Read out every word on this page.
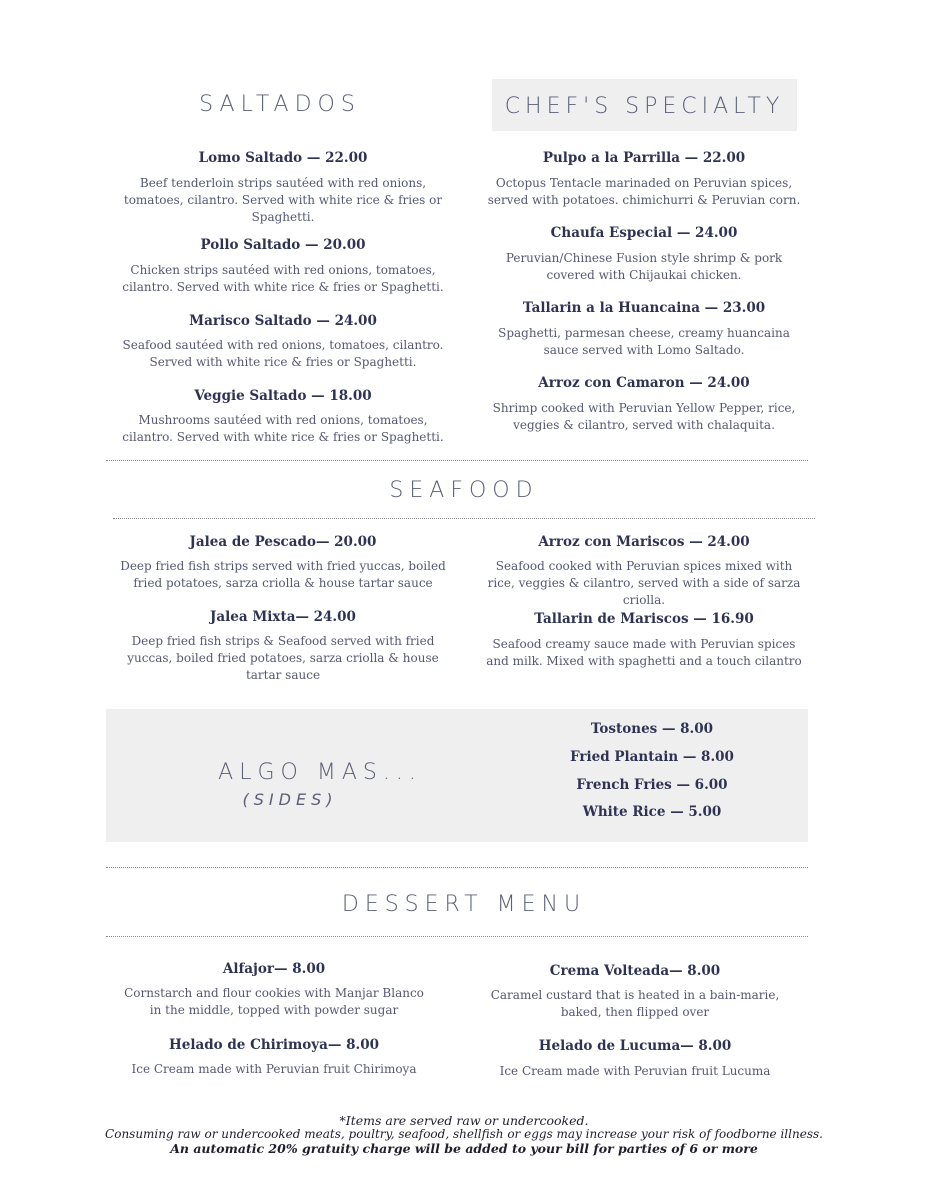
SALTADOS
Lomo Saltado — 22.00
Beef tenderloin strips sautéed with red onions, tomatoes, cilantro. Served with white rice & fries or Spaghetti.
Pollo Saltado — 20.00
Chicken strips sautéed with red onions, tomatoes, cilantro. Served with white rice & fries or Spaghetti.
Marisco Saltado — 24.00
Seafood sautéed with red onions, tomatoes, cilantro. Served with white rice & fries or Spaghetti.
Veggie Saltado — 18.00
Mushrooms sautéed with red onions, tomatoes, cilantro. Served with white rice & fries or Spaghetti.
CHEF'S SPECIALTY
Pulpo a la Parrilla — 22.00
Octopus Tentacle marinaded on Peruvian spices, served with potatoes. chimichurri & Peruvian corn.
Chaufa Especial — 24.00
Peruvian/Chinese Fusion style shrimp & pork covered with Chijaukai chicken.
Tallarin a la Huancaina — 23.00
Spaghetti, parmesan cheese, creamy huancaina sauce served with Lomo Saltado.
Arroz con Camaron — 24.00
Shrimp cooked with Peruvian Yellow Pepper, rice, veggies & cilantro, served with chalaquita.
SEAFOOD
Jalea de Pescado— 20.00
Deep fried fish strips served with fried yuccas, boiled fried potatoes, sarza criolla & house tartar sauce
Jalea Mixta— 24.00
Deep fried fish strips & Seafood served with fried yuccas, boiled fried potatoes, sarza criolla & house tartar sauce
Arroz con Mariscos — 24.00
Seafood cooked with Peruvian spices mixed with rice, veggies & cilantro, served with a side of sarza criolla.
Tallarin de Mariscos — 16.90
Seafood creamy sauce made with Peruvian spices and milk. Mixed with spaghetti and a touch cilantro
ALGO MAS...
(SIDES)
Tostones — 8.00
Fried Plantain — 8.00
French Fries — 6.00
White Rice — 5.00
DESSERT MENU
Alfajor— 8.00
Cornstarch and flour cookies with Manjar Blanco in the middle, topped with powder sugar
Helado de Chirimoya— 8.00
Ice Cream made with Peruvian fruit Chirimoya
Crema Volteada— 8.00
Caramel custard that is heated in a bain-marie, baked, then flipped over
Helado de Lucuma— 8.00
Ice Cream made with Peruvian fruit Lucuma
*Items are served raw or undercooked.
Consuming raw or undercooked meats, poultry, seafood, shellfish or eggs may increase your risk of foodborne illness.
An automatic 20% gratuity charge will be added to your bill for parties of 6 or more
